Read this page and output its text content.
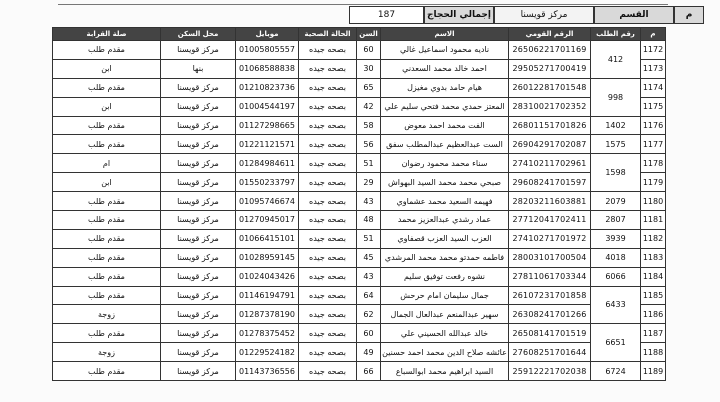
م
القسم
مركز قويسنا
إجمالي الحجاج
187
م	رقم الطلب	الرقم القومي	الاسم	السن	الحالة الصحية	موبايل	محل السكن	صلة القرابة
1172	412	26506221701169	ناديه محمود اسماعيل غالي	60	بصحه جيده	01005805557	مركز قويسنا	مقدم طلب
1173		29505271700419	احمد خالد محمد السعدني	30	بصحه جيده	01068588838	بنها	ابن
1174	998	26012281701548	هيام حامد بدوي مغيزل	65	بصحه جيده	01210823736	مركز قويسنا	مقدم طلب
1175		28310021702352	المعتز حمدي محمد فتحي سليم علي	42	بصحه جيده	01004544197	مركز قويسنا	ابن
1176	1402	26801151701826	الفت محمد احمد معوض	58	بصحه جيده	01127298665	مركز قويسنا	مقدم طلب
1177	1575	26904291702087	الست عبدالعظيم عبدالمطلب سفق	56	بصحه جيده	01221121571	مركز قويسنا	مقدم طلب
1178	1598	27410211702961	سناء محمد محمود رضوان	51	بصحه جيده	01284984611	مركز قويسنا	ام
1179		29608241701597	صبحي محمد محمد السيد البهواش	29	بصحه جيده	01550233797	مركز قويسنا	ابن
1180	2079	28203211603881	فهيمه السعيد محمد عشماوي	43	بصحه جيده	01095746674	مركز قويسنا	مقدم طلب
1181	2807	27712041702411	عماد رشدي عبدالعزيز محمد	48	بصحه جيده	01270945017	مركز قويسنا	مقدم طلب
1182	3939	27410271701972	العزب السيد العزب قصفاوي	51	بصحه جيده	01066415101	مركز قويسنا	مقدم طلب
1183	4018	28003101700504	فاطمه حمدتو محمد محمد المرشدي	45	بصحه جيده	01028959145	مركز قويسنا	مقدم طلب
1184	6066	27811061703344	نشوه رفعت توفيق سليم	43	بصحه جيده	01024043426	مركز قويسنا	مقدم طلب
1185	6433	26107231701858	جمال سليمان امام حرحش	64	بصحه جيده	01146194791	مركز قويسنا	مقدم طلب
1186		26308241701266	سهير عبدالمنعم عبدالعال الجمال	62	بصحه جيده	01287378190	مركز قويسنا	زوجة
1187	6651	26508141701519	خالد عبدالله الحسيني علي	60	بصحه جيده	01278375452	مركز قويسنا	مقدم طلب
1188		27608251701644	عائشه صلاح الدين محمد احمد حسنين	49	بصحه جيده	01229524182	مركز قويسنا	زوجة
1189	6724	25912221702038	السيد ابراهيم محمد ابوالسباع	66	بصحه جيده	01143736556	مركز قويسنا	مقدم طلب
